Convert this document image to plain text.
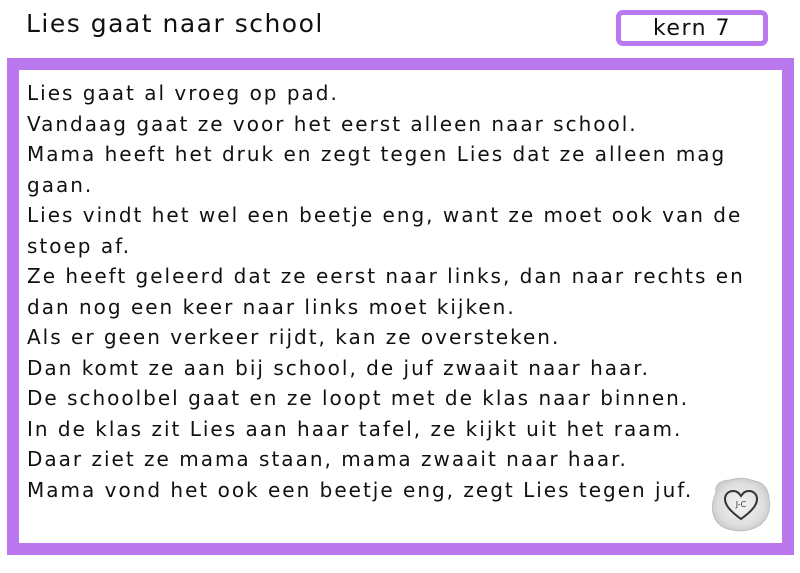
Lies gaat naar school	kern 7
Lies gaat al vroeg op pad.
Vandaag gaat ze voor het eerst alleen naar school.
Mama heeft het druk en zegt tegen Lies dat ze alleen mag
gaan.
Lies vindt het wel een beetje eng, want ze moet ook van de
stoep af.
Ze heeft geleerd dat ze eerst naar links, dan naar rechts en
dan nog een keer naar links moet kijken.
Als er geen verkeer rijdt, kan ze oversteken.
Dan komt ze aan bij school, de juf zwaait naar haar.
De schoolbel gaat en ze loopt met de klas naar binnen.
In de klas zit Lies aan haar tafel, ze kijkt uit het raam.
Daar ziet ze mama staan, mama zwaait naar haar.
Mama vond het ook een beetje eng, zegt Lies tegen juf.
J-C
